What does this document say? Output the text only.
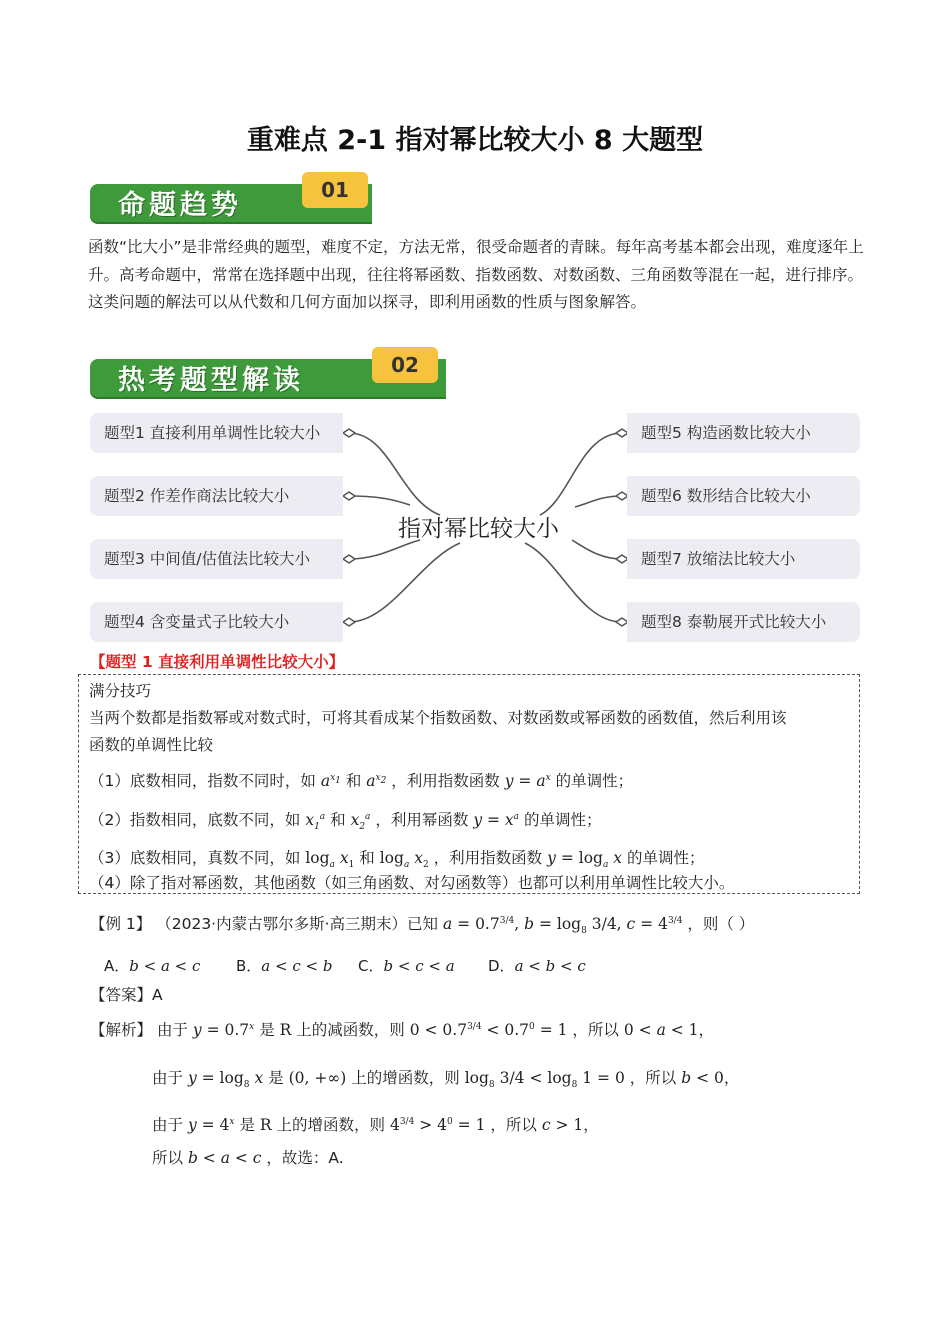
重难点 2-1 指对幂比较大小 8 大题型
命题趋势	01
函数“比大小”是非常经典的题型，难度不定，方法无常，很受命题者的青睐。每年高考基本都会出现，难度逐年上升。高考命题中，常常在选择题中出现，往往将幂函数、指数函数、对数函数、三角函数等混在一起，进行排序。这类问题的解法可以从代数和几何方面加以探寻，即利用函数的性质与图象解答。
热考题型解读	02
题型1 直接利用单调性比较大小
题型2 作差作商法比较大小
题型3 中间值/估值法比较大小
题型4 含变量式子比较大小
题型5 构造函数比较大小
题型6 数形结合比较大小
题型7 放缩法比较大小
题型8 泰勒展开式比较大小
指对幂比较大小
【题型 1 直接利用单调性比较大小】
满分技巧
当两个数都是指数幂或对数式时，可将其看成某个指数函数、对数函数或幂函数的函数值，然后利用该
函数的单调性比较
（1）底数相同，指数不同时，如 $a^{x_1}$ 和 $a^{x_2}$ ，利用指数函数 $y = a^x$ 的单调性；
（2）指数相同，底数不同，如 $x_1^a$ 和 $x_2^a$ ，利用幂函数 $y = x^a$ 的单调性；
（3）底数相同，真数不同，如 $\log_a x_1$ 和 $\log_a x_2$ ，利用指数函数 $y = \log_a x$ 的单调性；
（4）除了指对幂函数，其他函数（如三角函数、对勾函数等）也都可以利用单调性比较大小。
【例 1】 （2023·内蒙古鄂尔多斯·高三期末）已知 $a = 0.7^{3/4}$, $b = \log_8 3/4$, $c = 4^{3/4}$ ，则（ ）
A．b < a < c B．a < c < b C．b < c < a D．a < b < c
【答案】A
【解析】 由于 $y = 0.7^x$ 是 R 上的减函数，则 $0 < 0.7^{3/4} < 0.7^0 = 1$ ，所以 0 < a < 1，
由于 $y = \log_8 x$ 是 (0, +∞) 上的增函数，则 $\log_8 3/4 < \log_8 1 = 0$ ，所以 b < 0，
由于 $y = 4^x$ 是 R 上的增函数，则 $4^{3/4} > 4^0 = 1$ ，所以 c > 1，
所以 b < a < c ，故选：A.
